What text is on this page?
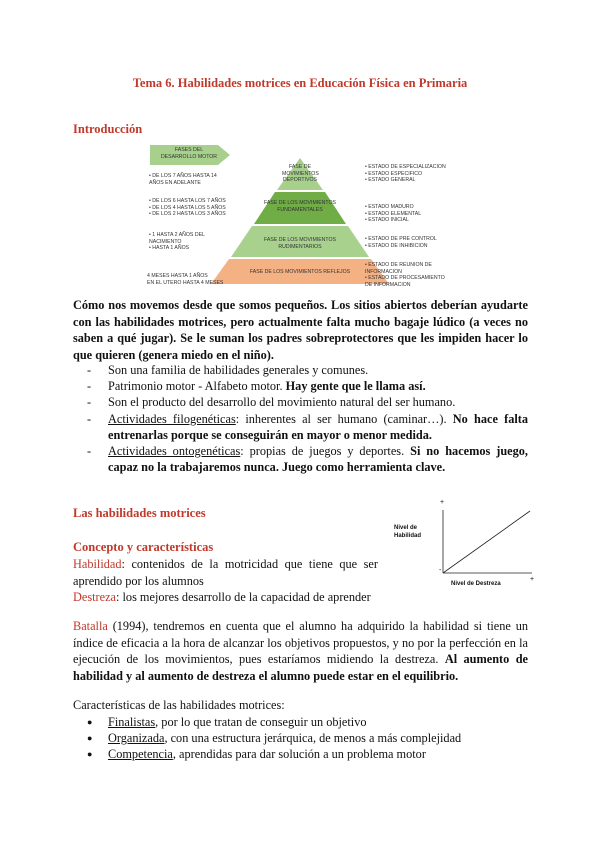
Tema 6. Habilidades motrices en Educación Física en Primaria
Introducción
FASES DEL DESARROLLO MOTOR
FASE DE MOVIMIENTOS DEPORTIVOS
FASE DE LOS MOVIMIENTOS FUNDAMENTALES
FASE DE LOS MOVIMIENTOS RUDIMENTARIOS
FASE DE LOS MOVIMIENTOS REFLEJOS
• DE LOS 7 AÑOS HASTA 14 AÑOS EN ADELANTE
• DE LOS 6 HASTA LOS 7 AÑOS
• DE LOS 4 HASTA LOS 5 AÑOS
• DE LOS 2 HASTA LOS 3 AÑOS
• 1 HASTA 2 AÑOS DEL NACIMIENTO
• HASTA 1 AÑOS
4 MESES HASTA 1 AÑOS
EN EL UTERO HASTA 4 MESES
• ESTADO DE ESPECIALIZACION
• ESTADO ESPECIFICO
• ESTADO GENERAL
• ESTADO MADURO
• ESTADO ELEMENTAL
• ESTADO INICIAL
• ESTADO DE PRE CONTROL
• ESTADO DE INHIBICION
• ESTADO DE REUNION DE INFORMACION
• ESTADO DE PROCESAMIENTO DE INFORMACION
Cómo nos movemos desde que somos pequeños. Los sitios abiertos deberían ayudarte con las habilidades motrices, pero actualmente falta mucho bagaje lúdico (a veces no saben a qué jugar). Se le suman los padres sobreprotectores que les impiden hacer lo que quieren (genera miedo en el niño).
- Son una familia de habilidades generales y comunes.
- Patrimonio motor - Alfabeto motor. Hay gente que le llama así.
- Son el producto del desarrollo del movimiento natural del ser humano.
- Actividades filogenéticas: inherentes al ser humano (caminar…). No hace falta entrenarlas porque se conseguirán en mayor o menor medida.
- Actividades ontogenéticas: propias de juegos y deportes. Si no hacemos juego, capaz no la trabajaremos nunca. Juego como herramienta clave.
Las habilidades motrices
Concepto y características
Habilidad: contenidos de la motricidad que tiene que ser aprendido por los alumnos
Destreza: los mejores desarrollo de la capacidad de aprender
Nivel de Habilidad
+
-
+
Nivel de Destreza
Batalla (1994), tendremos en cuenta que el alumno ha adquirido la habilidad si tiene un índice de eficacia a la hora de alcanzar los objetivos propuestos, y no por la perfección en la ejecución de los movimientos, pues estaríamos midiendo la destreza. Al aumento de habilidad y al aumento de destreza el alumno puede estar en el equilibrio.
Características de las habilidades motrices:
● Finalistas, por lo que tratan de conseguir un objetivo
● Organizada, con una estructura jerárquica, de menos a más complejidad
● Competencia, aprendidas para dar solución a un problema motor
